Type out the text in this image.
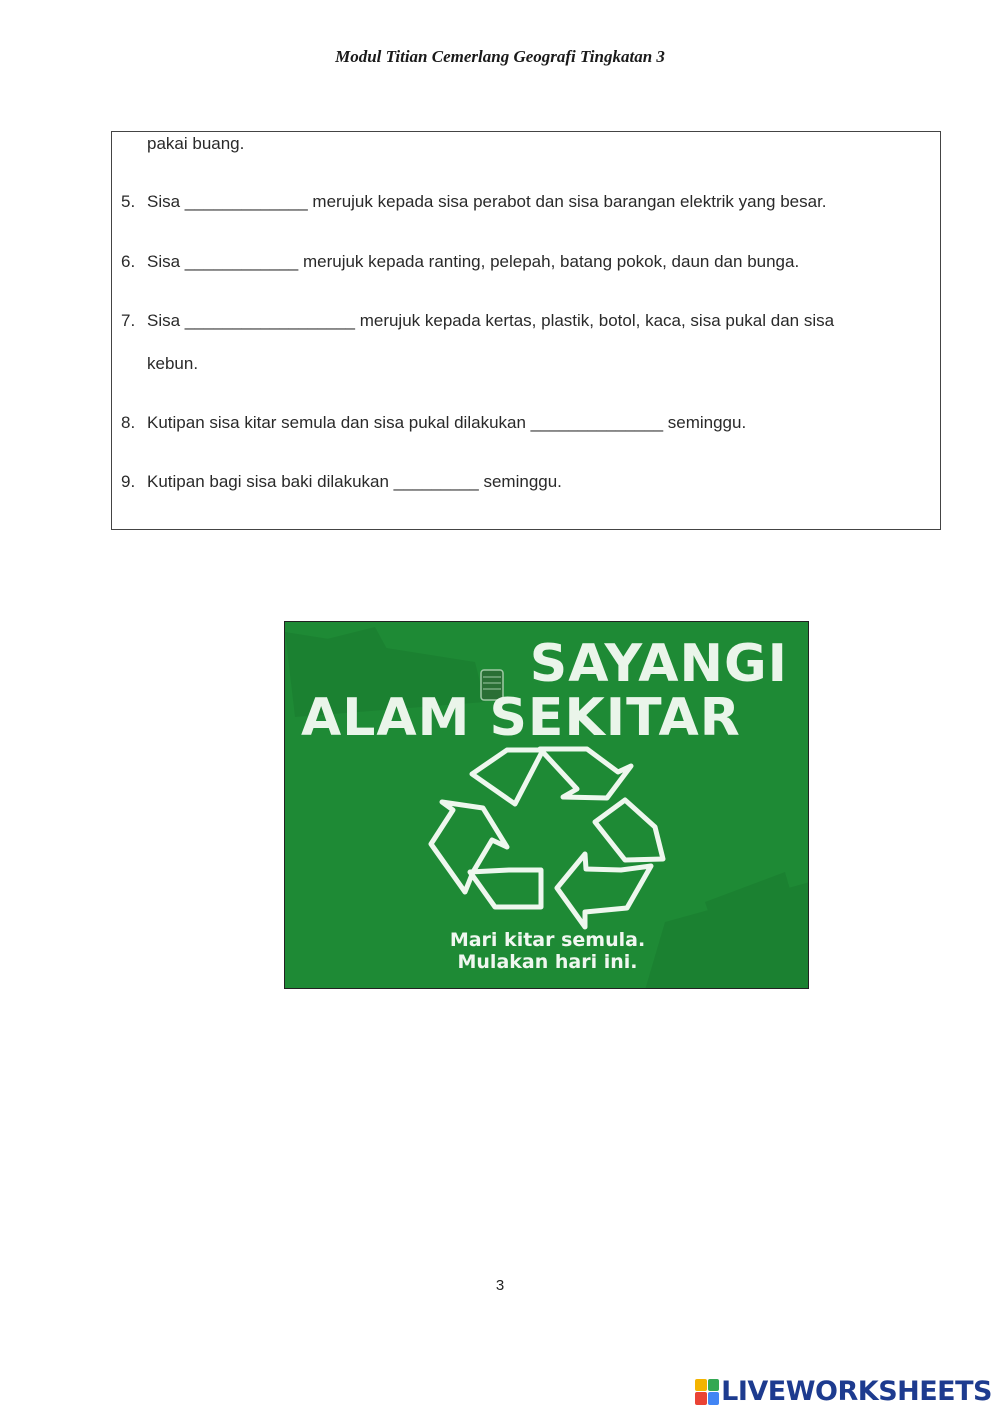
Modul Titian Cemerlang Geografi Tingkatan 3
pakai buang.
5. Sisa _____________ merujuk kepada sisa perabot dan sisa barangan elektrik yang besar.
6. Sisa ____________ merujuk kepada ranting, pelepah, batang pokok, daun dan bunga.
7. Sisa __________________ merujuk kepada kertas, plastik, botol, kaca, sisa pukal dan sisa
kebun.
8. Kutipan sisa kitar semula dan sisa pukal dilakukan ______________ seminggu.
9. Kutipan bagi sisa baki dilakukan _________ seminggu.
SAYANGI
ALAM SEKITAR
Mari kitar semula.
Mulakan hari ini.
3
LIVEWORKSHEETS
